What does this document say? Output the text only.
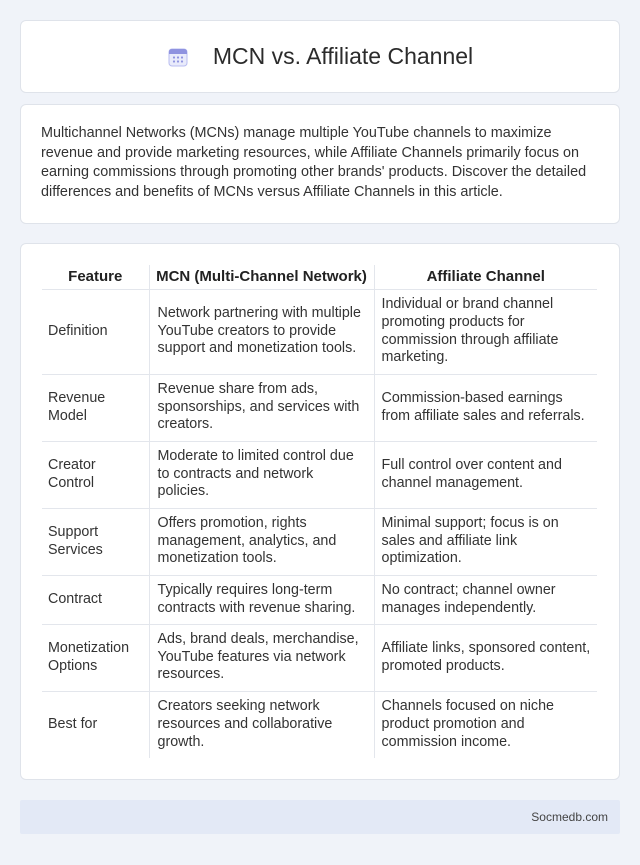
MCN vs. Affiliate Channel

Multichannel Networks (MCNs) manage multiple YouTube channels to maximize revenue and provide marketing resources, while Affiliate Channels primarily focus on earning commissions through promoting other brands' products. Discover the detailed differences and benefits of MCNs versus Affiliate Channels in this article.

Feature	MCN (Multi-Channel Network)	Affiliate Channel
Definition	Network partnering with multiple YouTube creators to provide support and monetization tools.	Individual or brand channel promoting products for commission through affiliate marketing.
Revenue Model	Revenue share from ads, sponsorships, and services with creators.	Commission-based earnings from affiliate sales and referrals.
Creator Control	Moderate to limited control due to contracts and network policies.	Full control over content and channel management.
Support Services	Offers promotion, rights management, analytics, and monetization tools.	Minimal support; focus is on sales and affiliate link optimization.
Contract	Typically requires long-term contracts with revenue sharing.	No contract; channel owner manages independently.
Monetization Options	Ads, brand deals, merchandise, YouTube features via network resources.	Affiliate links, sponsored content, promoted products.
Best for	Creators seeking network resources and collaborative growth.	Channels focused on niche product promotion and commission income.
Socmedb.com
